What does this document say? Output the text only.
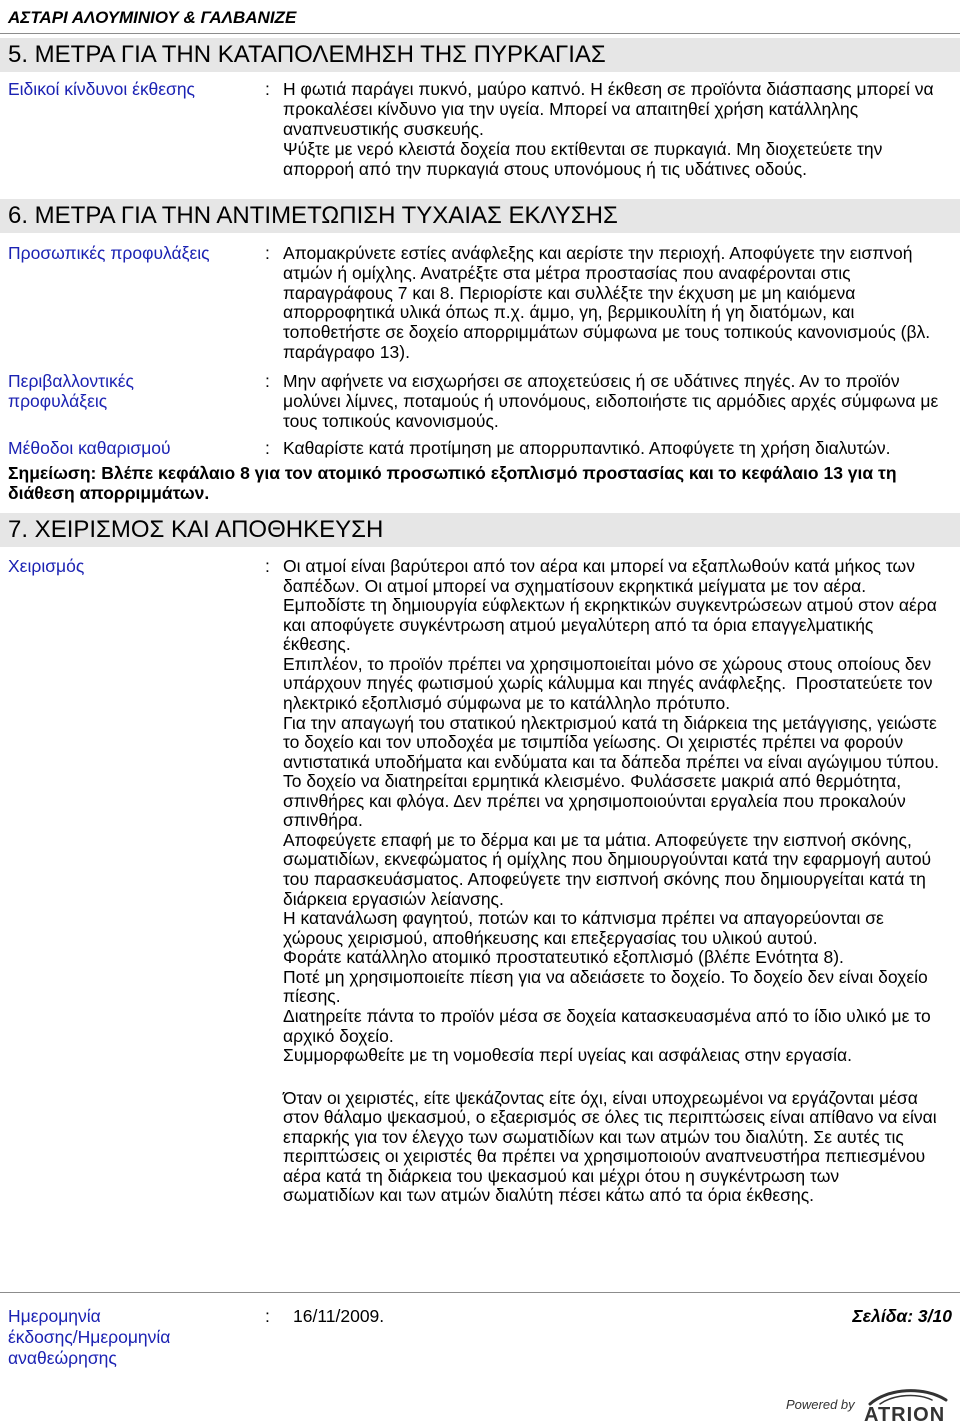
ΑΣΤΑΡΙ ΑΛΟΥΜΙΝΙΟΥ & ΓΑΛΒΑΝΙΖΕ
5. ΜΕΤΡΑ ΓΙΑ ΤΗΝ ΚΑΤΑΠΟΛΕΜΗΣΗ ΤΗΣ ΠΥΡΚΑΓΙΑΣ
Ειδικοί κίνδυνοι έκθεσης	: Η φωτιά παράγει πυκνό, μαύρο καπνό. Η έκθεση σε προϊόντα διάσπασης μπορεί να
προκαλέσει κίνδυνο για την υγεία. Μπορεί να απαιτηθεί χρήση κατάλληλης
αναπνευστικής συσκευής.
Ψύξτε με νερό κλειστά δοχεία που εκτίθενται σε πυρκαγιά. Μη διοχετεύετε την
απορροή από την πυρκαγιά στους υπονόμους ή τις υδάτινες οδούς.
6. ΜΕΤΡΑ ΓΙΑ ΤΗΝ ΑΝΤΙΜΕΤΩΠΙΣΗ ΤΥΧΑΙΑΣ ΕΚΛΥΣΗΣ
Προσωπικές προφυλάξεις	: Απομακρύνετε εστίες ανάφλεξης και αερίστε την περιοχή. Αποφύγετε την εισπνοή
ατμών ή ομίχλης. Ανατρέξτε στα μέτρα προστασίας που αναφέρονται στις
παραγράφους 7 και 8. Περιορίστε και συλλέξτε την έκχυση με μη καιόμενα
απορροφητικά υλικά όπως π.χ. άμμο, γη, βερμικουλίτη ή γη διατόμων, και
τοποθετήστε σε δοχείο απορριμμάτων σύμφωνα με τους τοπικούς κανονισμούς (βλ.
παράγραφο 13).
Περιβαλλοντικές
προφυλάξεις
: Μην αφήνετε να εισχωρήσει σε αποχετεύσεις ή σε υδάτινες πηγές. Αν το προϊόν
μολύνει λίμνες, ποταμούς ή υπονόμους, ειδοποιήστε τις αρμόδιες αρχές σύμφωνα με
τους τοπικούς κανονισμούς.
Μέθοδοι καθαρισμού	: Καθαρίστε κατά προτίμηση με απορρυπαντικό. Αποφύγετε τη χρήση διαλυτών.
Σημείωση: Βλέπε κεφάλαιο 8 για τον ατομικό προσωπικό εξοπλισμό προστασίας και το κεφάλαιο 13 για τη
διάθεση απορριμμάτων.
7. ΧΕΙΡΙΣΜΟΣ ΚΑΙ ΑΠΟΘΗΚΕΥΣΗ
Χειρισμός	: Οι ατμοί είναι βαρύτεροι από τον αέρα και μπορεί να εξαπλωθούν κατά μήκος των
δαπέδων. Οι ατμοί μπορεί να σχηματίσουν εκρηκτικά μείγματα με τον αέρα.
Εμποδίστε τη δημιουργία εύφλεκτων ή εκρηκτικών συγκεντρώσεων ατμού στον αέρα
και αποφύγετε συγκέντρωση ατμού μεγαλύτερη από τα όρια επαγγελματικής
έκθεσης.
Επιπλέον, το προϊόν πρέπει να χρησιμοποιείται μόνο σε χώρους στους οποίους δεν
υπάρχουν πηγές φωτισμού χωρίς κάλυμμα και πηγές ανάφλεξης.  Προστατεύετε τον
ηλεκτρικό εξοπλισμό σύμφωνα με το κατάλληλο πρότυπο.
Για την απαγωγή του στατικού ηλεκτρισμού κατά τη διάρκεια της μετάγγισης, γειώστε
το δοχείο και τον υποδοχέα με τσιμπίδα γείωσης. Οι χειριστές πρέπει να φορούν
αντιστατικά υποδήματα και ενδύματα και τα δάπεδα πρέπει να είναι αγώγιμου τύπου.
Το δοχείο να διατηρείται ερμητικά κλεισμένο. Φυλάσσετε μακριά από θερμότητα,
σπινθήρες και φλόγα. Δεν πρέπει να χρησιμοποιούνται εργαλεία που προκαλούν
σπινθήρα.
Αποφεύγετε επαφή με το δέρμα και με τα μάτια. Αποφεύγετε την εισπνοή σκόνης,
σωματιδίων, εκνεφώματος ή ομίχλης που δημιουργούνται κατά την εφαρμογή αυτού
του παρασκευάσματος. Αποφεύγετε την εισπνοή σκόνης που δημιουργείται κατά τη
διάρκεια εργασιών λείανσης.
Η κατανάλωση φαγητού, ποτών και το κάπνισμα πρέπει να απαγορεύονται σε
χώρους χειρισμού, αποθήκευσης και επεξεργασίας του υλικού αυτού.
Φοράτε κατάλληλο ατομικό προστατευτικό εξοπλισμό (βλέπε Ενότητα 8).
Ποτέ μη χρησιμοποιείτε πίεση για να αδειάσετε το δοχείο. Το δοχείο δεν είναι δοχείο
πίεσης.
Διατηρείτε πάντα το προϊόν μέσα σε δοχεία κατασκευασμένα από το ίδιο υλικό με το
αρχικό δοχείο.
Συμμορφωθείτε με τη νομοθεσία περί υγείας και ασφάλειας στην εργασία.
Όταν οι χειριστές, είτε ψεκάζοντας είτε όχι, είναι υποχρεωμένοι να εργάζονται μέσα
στον θάλαμο ψεκασμού, ο εξαερισμός σε όλες τις περιπτώσεις είναι απίθανο να είναι
επαρκής για τον έλεγχο των σωματιδίων και των ατμών του διαλύτη. Σε αυτές τις
περιπτώσεις οι χειριστές θα πρέπει να χρησιμοποιούν αναπνευστήρα πεπιεσμένου
αέρα κατά τη διάρκεια του ψεκασμού και μέχρι ότου η συγκέντρωση των
σωματιδίων και των ατμών διαλύτη πέσει κάτω από τα όρια έκθεσης.
Ημερομηνία
έκδοσης/Ημερομηνία
αναθεώρησης
:	16/11/2009.	Σελίδα: 3/10
Powered by ATRION
